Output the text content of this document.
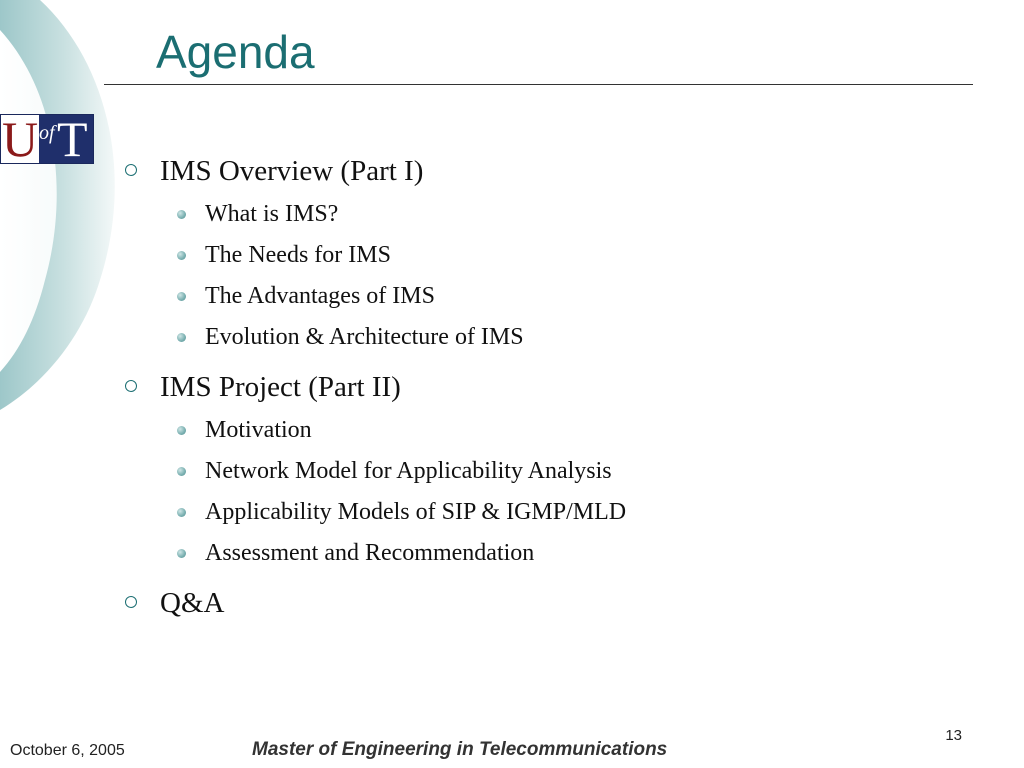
U of T
Agenda
IMS Overview (Part I)
What is IMS?
The Needs for IMS
The Advantages of IMS
Evolution & Architecture of IMS
IMS Project (Part II)
Motivation
Network Model for Applicability Analysis
Applicability Models of SIP & IGMP/MLD
Assessment and Recommendation
Q&A
13
October 6, 2005	Master of Engineering in Telecommunications
